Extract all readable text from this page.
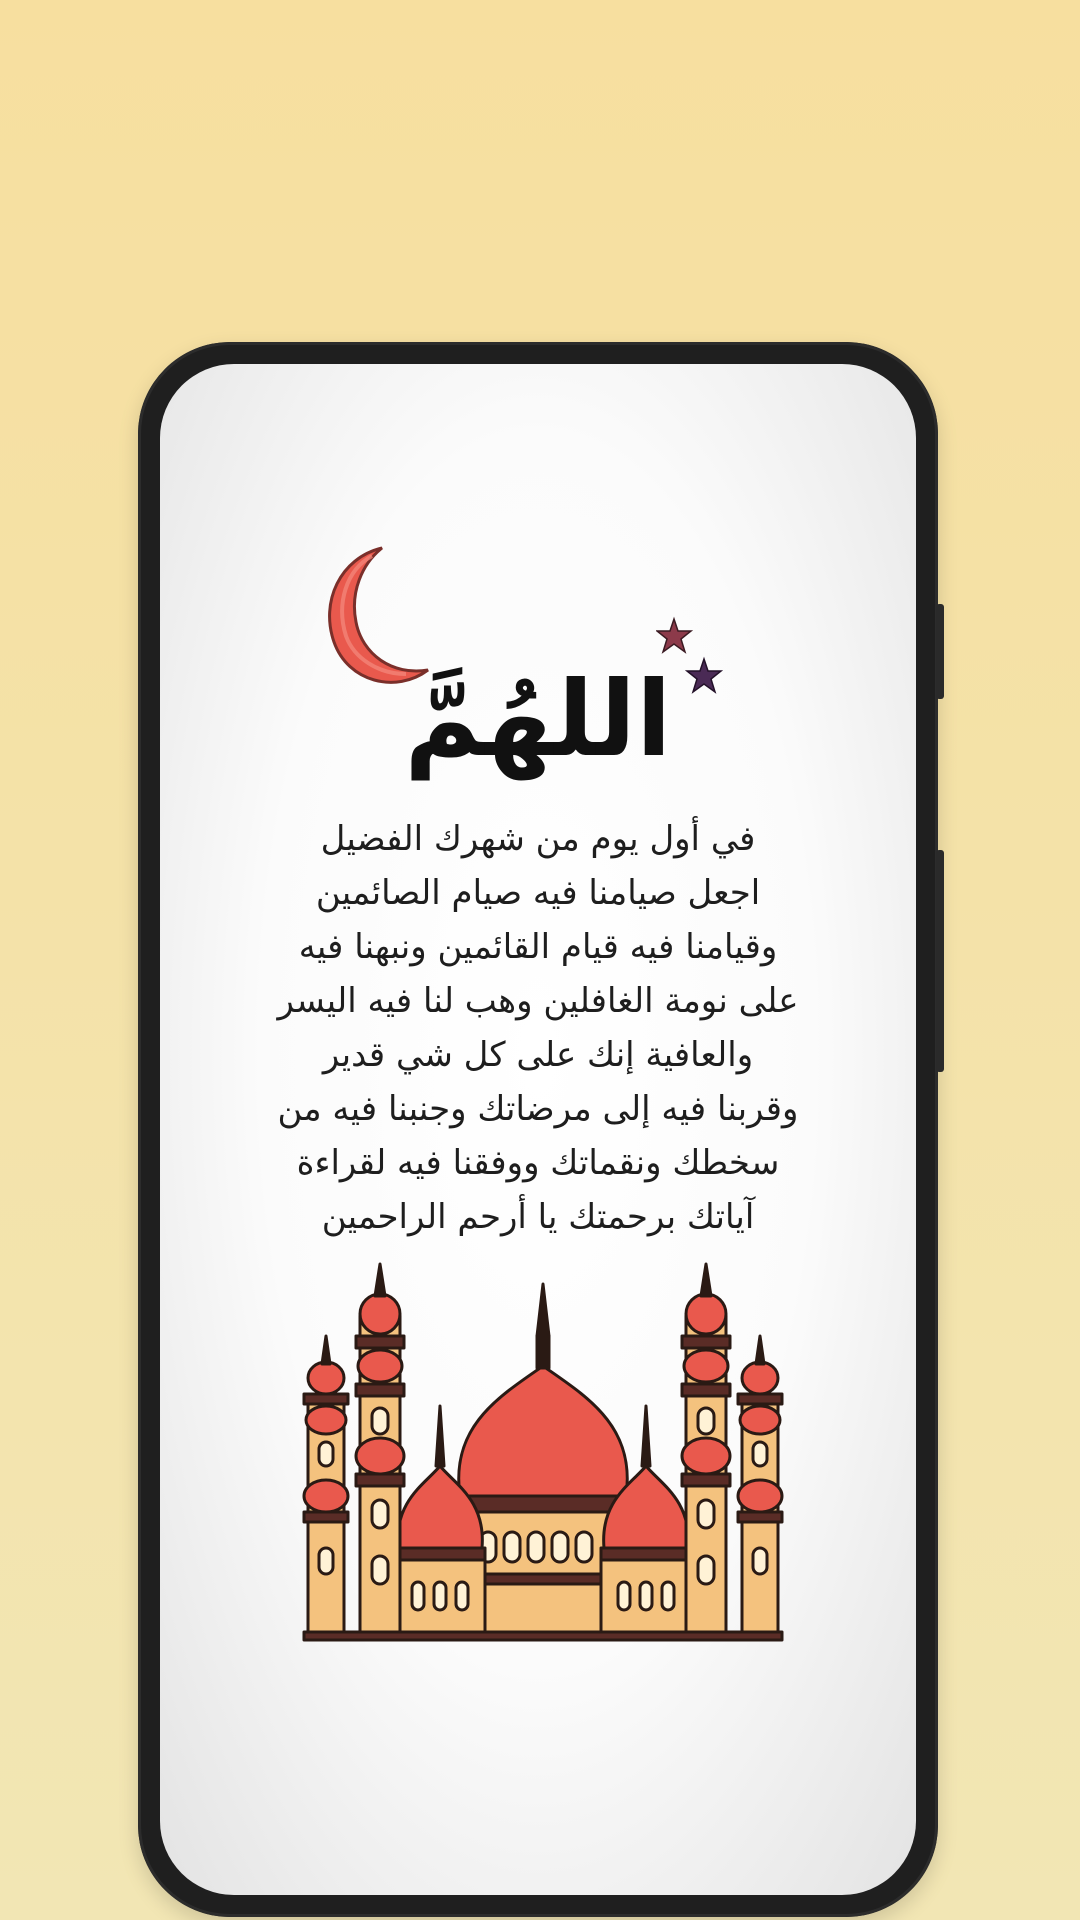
اللهُمَّ
في أول يوم من شهرك الفضيل
اجعل صيامنا فيه صيام الصائمين
وقيامنا فيه قيام القائمين ونبهنا فيه
على نومة الغافلين وهب لنا فيه اليسر
والعافية إنك على كل شي قدير
وقربنا فيه إلى مرضاتك وجنبنا فيه من
سخطك ونقماتك ووفقنا فيه لقراءة
آياتك برحمتك يا أرحم الراحمين
